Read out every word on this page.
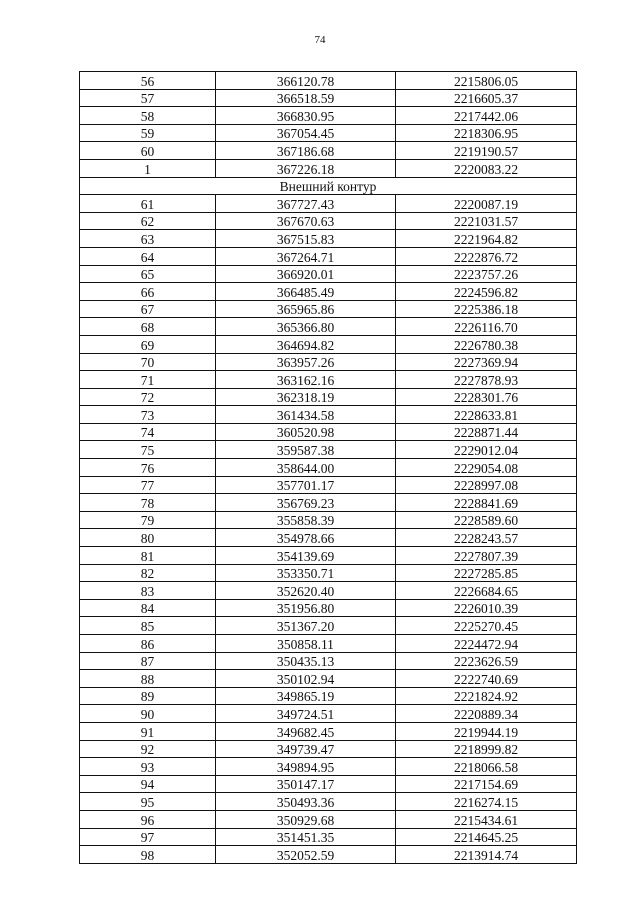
74
56	366120.78	2215806.05
57	366518.59	2216605.37
58	366830.95	2217442.06
59	367054.45	2218306.95
60	367186.68	2219190.57
1	367226.18	2220083.22
Внешний контур		
61	367727.43	2220087.19
62	367670.63	2221031.57
63	367515.83	2221964.82
64	367264.71	2222876.72
65	366920.01	2223757.26
66	366485.49	2224596.82
67	365965.86	2225386.18
68	365366.80	2226116.70
69	364694.82	2226780.38
70	363957.26	2227369.94
71	363162.16	2227878.93
72	362318.19	2228301.76
73	361434.58	2228633.81
74	360520.98	2228871.44
75	359587.38	2229012.04
76	358644.00	2229054.08
77	357701.17	2228997.08
78	356769.23	2228841.69
79	355858.39	2228589.60
80	354978.66	2228243.57
81	354139.69	2227807.39
82	353350.71	2227285.85
83	352620.40	2226684.65
84	351956.80	2226010.39
85	351367.20	2225270.45
86	350858.11	2224472.94
87	350435.13	2223626.59
88	350102.94	2222740.69
89	349865.19	2221824.92
90	349724.51	2220889.34
91	349682.45	2219944.19
92	349739.47	2218999.82
93	349894.95	2218066.58
94	350147.17	2217154.69
95	350493.36	2216274.15
96	350929.68	2215434.61
97	351451.35	2214645.25
98	352052.59	2213914.74
